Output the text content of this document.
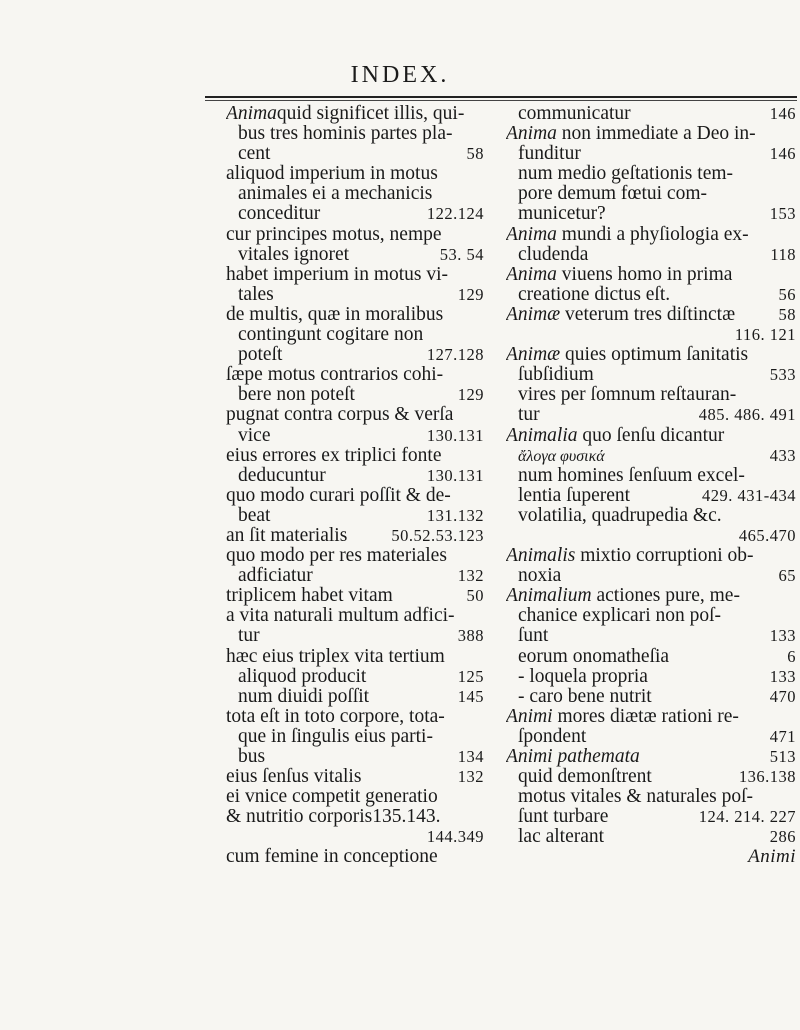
INDEX.
Animaquid significet illis, qui-
bus tres hominis partes pla-
58
cent
aliquod imperium in motus
animales ei a mechanicis
122.124
conceditur
cur principes motus, nempe
53. 54
vitales ignoret
habet imperium in motus vi-
129
tales
de multis, quæ in moralibus
contingunt cogitare non
127.128
poteſt
ſæpe motus contrarios cohi-
129
bere non poteſt
pugnat contra corpus & verſa
130.131
vice
eius errores ex triplici fonte
130.131
deducuntur
quo modo curari poſſit & de-
131.132
beat
50.52.53.123
an ſit materialis
quo modo per res materiales
132
adficiatur
50
triplicem habet vitam
a vita naturali multum adfici-
388
tur
hæc eius triplex vita tertium
125
aliquod producit
145
num diuidi poſſit
tota eſt in toto corpore, tota-
que in ſingulis eius parti-
134
bus
132
eius ſenſus vitalis
ei vnice competit generatio
& nutritio corporis135.143.
144.349
cum femine in conceptione
146
communicatur
Anima non immediate a Deo in-
146
funditur
num medio geſtationis tem-
pore demum fœtui com-
153
municetur?
Anima mundi a phyſiologia ex-
118
cludenda
Anima viuens homo in prima
56
creatione dictus eſt.
58
Animæ veterum tres diſtinctæ
116. 121
Animæ quies optimum ſanitatis
533
ſubſidium
vires per ſomnum reſtauran-
485. 486. 491
tur
Animalia quo ſenſu dicantur
433
ἄλογα φυσικά
num homines ſenſuum excel-
429. 431-434
lentia ſuperent
volatilia, quadrupedia &c.
465.470
Animalis mixtio corruptioni ob-
65
noxia
Animalium actiones pure, me-
chanice explicari non poſ-
133
ſunt
6
eorum onomatheſia
133
- loquela propria
470
- caro bene nutrit
Animi mores diætæ rationi re-
471
ſpondent
513
Animi pathemata
136.138
quid demonſtrent
motus vitales & naturales poſ-
124. 214. 227
ſunt turbare
286
lac alterant
Animi
